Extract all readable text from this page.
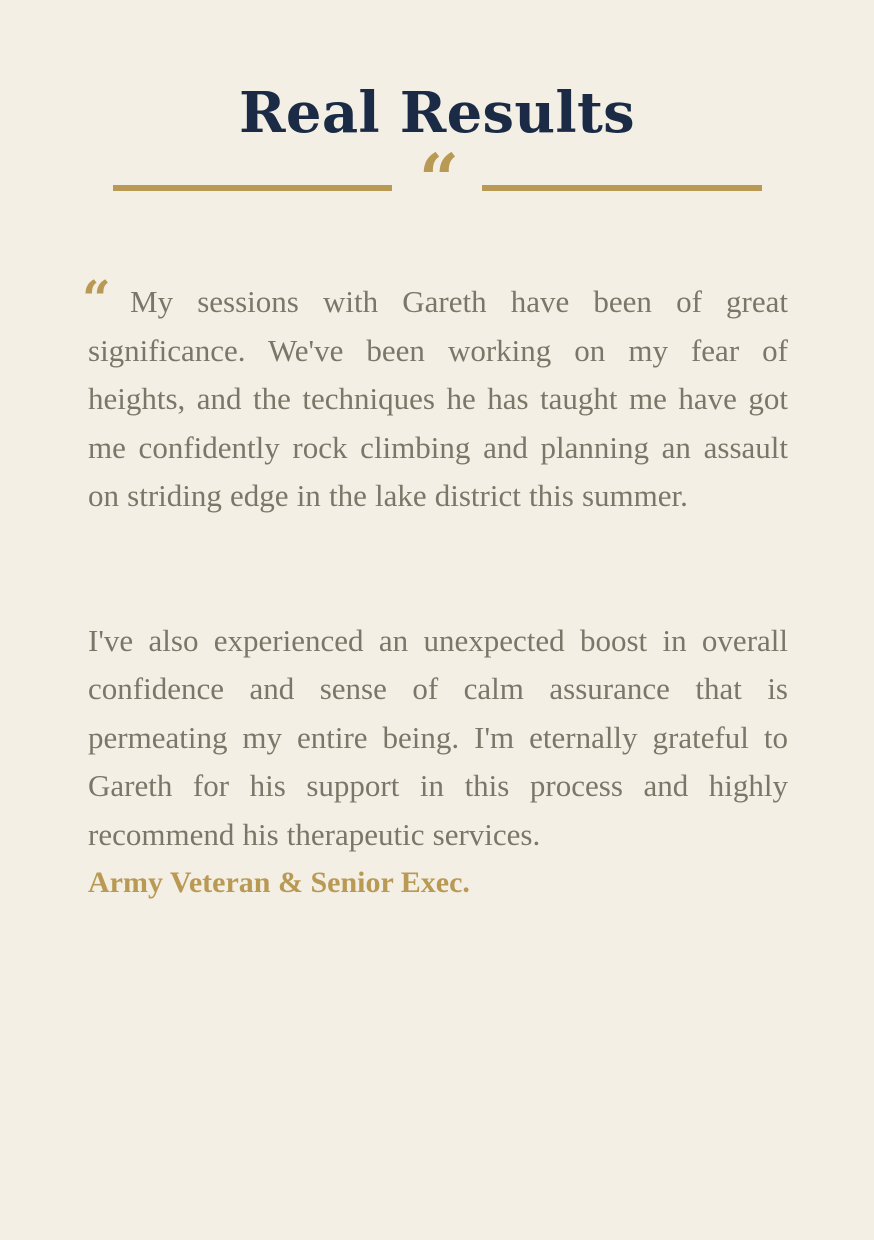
Real Results
“

“ My sessions with Gareth have been of great significance. We've been working on my fear of heights, and the techniques he has taught me have got me confidently rock climbing and planning an assault on striding edge in the lake district this summer.

I've also experienced an unexpected boost in overall confidence and sense of calm assurance that is permeating my entire being. I'm eternally grateful to Gareth for his support in this process and highly recommend his therapeutic services.

Army Veteran & Senior Exec.
